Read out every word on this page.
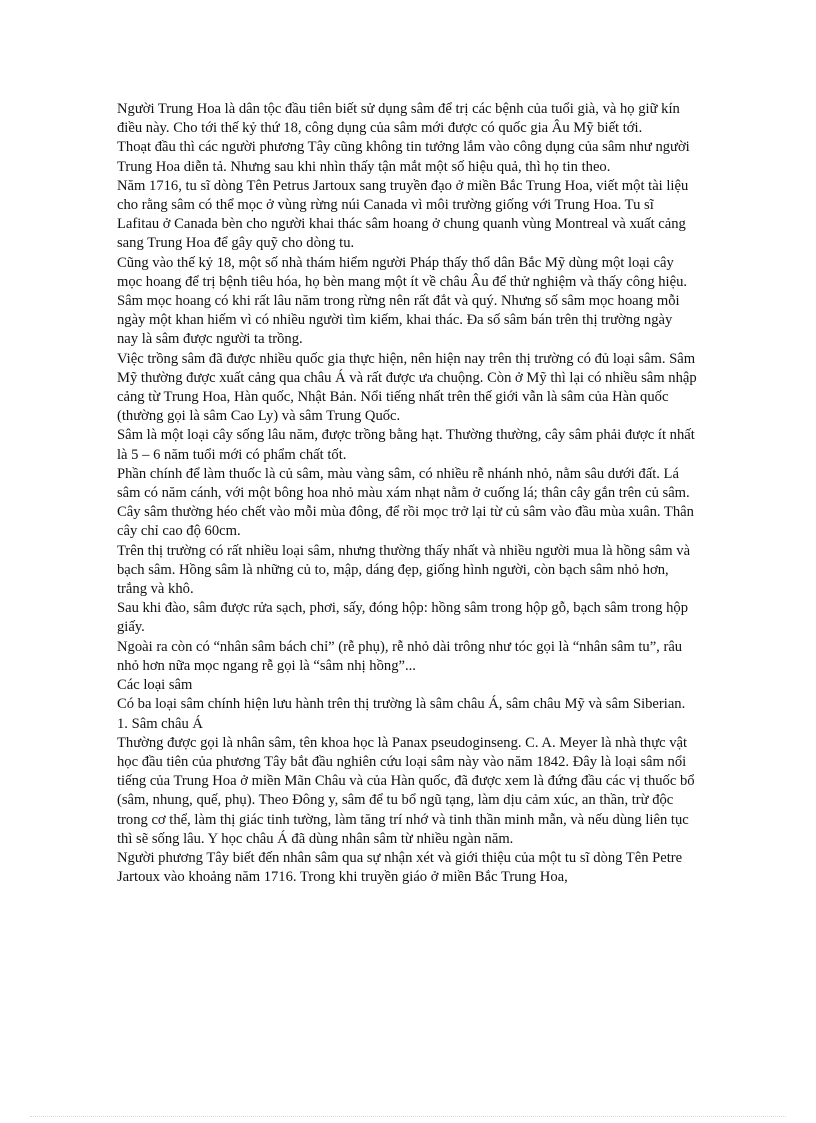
Người Trung Hoa là dân tộc đầu tiên biết sử dụng sâm để trị các bệnh của tuổi già, và họ giữ kín điều này. Cho tới thế kỷ thứ 18, công dụng của sâm mới được có quốc gia Âu Mỹ biết tới.

Thoạt đầu thì các người phương Tây cũng không tin tưởng lắm vào công dụng của sâm như người Trung Hoa diễn tả. Nhưng sau khi nhìn thấy tận mắt một số hiệu quả, thì họ tin theo.

Năm 1716, tu sĩ dòng Tên Petrus Jartoux sang truyền đạo ở miền Bắc Trung Hoa, viết một tài liệu cho rằng sâm có thể mọc ở vùng rừng núi Canada vì môi trường giống với Trung Hoa. Tu sĩ Lafitau ở Canada bèn cho người khai thác sâm hoang ở chung quanh vùng Montreal và xuất cảng sang Trung Hoa để gây quỹ cho dòng tu.

Cũng vào thế kỷ 18, một số nhà thám hiểm người Pháp thấy thổ dân Bắc Mỹ dùng một loại cây mọc hoang để trị bệnh tiêu hóa, họ bèn mang một ít về châu Âu để thử nghiệm và thấy công hiệu.

Sâm mọc hoang có khi rất lâu năm trong rừng nên rất đắt và quý. Nhưng số sâm mọc hoang mỗi ngày một khan hiếm vì có nhiều người tìm kiếm, khai thác. Đa số sâm bán trên thị trường ngày nay là sâm được người ta trồng.

Việc trồng sâm đã được nhiều quốc gia thực hiện, nên hiện nay trên thị trường có đủ loại sâm. Sâm Mỹ thường được xuất cảng qua châu Á và rất được ưa chuộng. Còn ở Mỹ thì lại có nhiều sâm nhập cảng từ Trung Hoa, Hàn quốc, Nhật Bản. Nổi tiếng nhất trên thế giới vẫn là sâm của Hàn quốc (thường gọi là sâm Cao Ly) và sâm Trung Quốc.

Sâm là một loại cây sống lâu năm, được trồng bằng hạt. Thường thường, cây sâm phải được ít nhất là 5 – 6 năm tuổi mới có phẩm chất tốt.

Phần chính để làm thuốc là củ sâm, màu vàng sâm, có nhiều rễ nhánh nhỏ, nằm sâu dưới đất. Lá sâm có năm cánh, với một bông hoa nhỏ màu xám nhạt nằm ở cuống lá; thân cây gắn trên củ sâm. Cây sâm thường héo chết vào mỗi mùa đông, để rồi mọc trở lại từ củ sâm vào đầu mùa xuân. Thân cây chỉ cao độ 60cm.

Trên thị trường có rất nhiều loại sâm, nhưng thường thấy nhất và nhiều người mua là hồng sâm và bạch sâm. Hồng sâm là những củ to, mập, dáng đẹp, giống hình người, còn bạch sâm nhỏ hơn, trắng và khô.

Sau khi đào, sâm được rửa sạch, phơi, sấy, đóng hộp: hồng sâm trong hộp gỗ, bạch sâm trong hộp giấy.

Ngoài ra còn có “nhân sâm bách chỉ” (rễ phụ), rễ nhỏ dài trông như tóc gọi là “nhân sâm tu”, râu nhỏ hơn nữa mọc ngang rễ gọi là “sâm nhị hồng”...

Các loại sâm

Có ba loại sâm chính hiện lưu hành trên thị trường là sâm châu Á, sâm châu Mỹ và sâm Siberian.

1. Sâm châu Á

Thường được gọi là nhân sâm, tên khoa học là Panax pseudoginseng. C. A. Meyer là nhà thực vật học đầu tiên của phương Tây bắt đầu nghiên cứu loại sâm này vào năm 1842. Đây là loại sâm nổi tiếng của Trung Hoa ở miền Mãn Châu và của Hàn quốc, đã được xem là đứng đầu các vị thuốc bổ (sâm, nhung, quế, phụ). Theo Đông y, sâm để tu bổ ngũ tạng, làm dịu cảm xúc, an thần, trừ độc trong cơ thể, làm thị giác tinh tường, làm tăng trí nhớ và tinh thần minh mẫn, và nếu dùng liên tục thì sẽ sống lâu. Y học châu Á đã dùng nhân sâm từ nhiều ngàn năm.

Người phương Tây biết đến nhân sâm qua sự nhận xét và giới thiệu của một tu sĩ dòng Tên Petre Jartoux vào khoảng năm 1716. Trong khi truyền giáo ở miền Bắc Trung Hoa,
